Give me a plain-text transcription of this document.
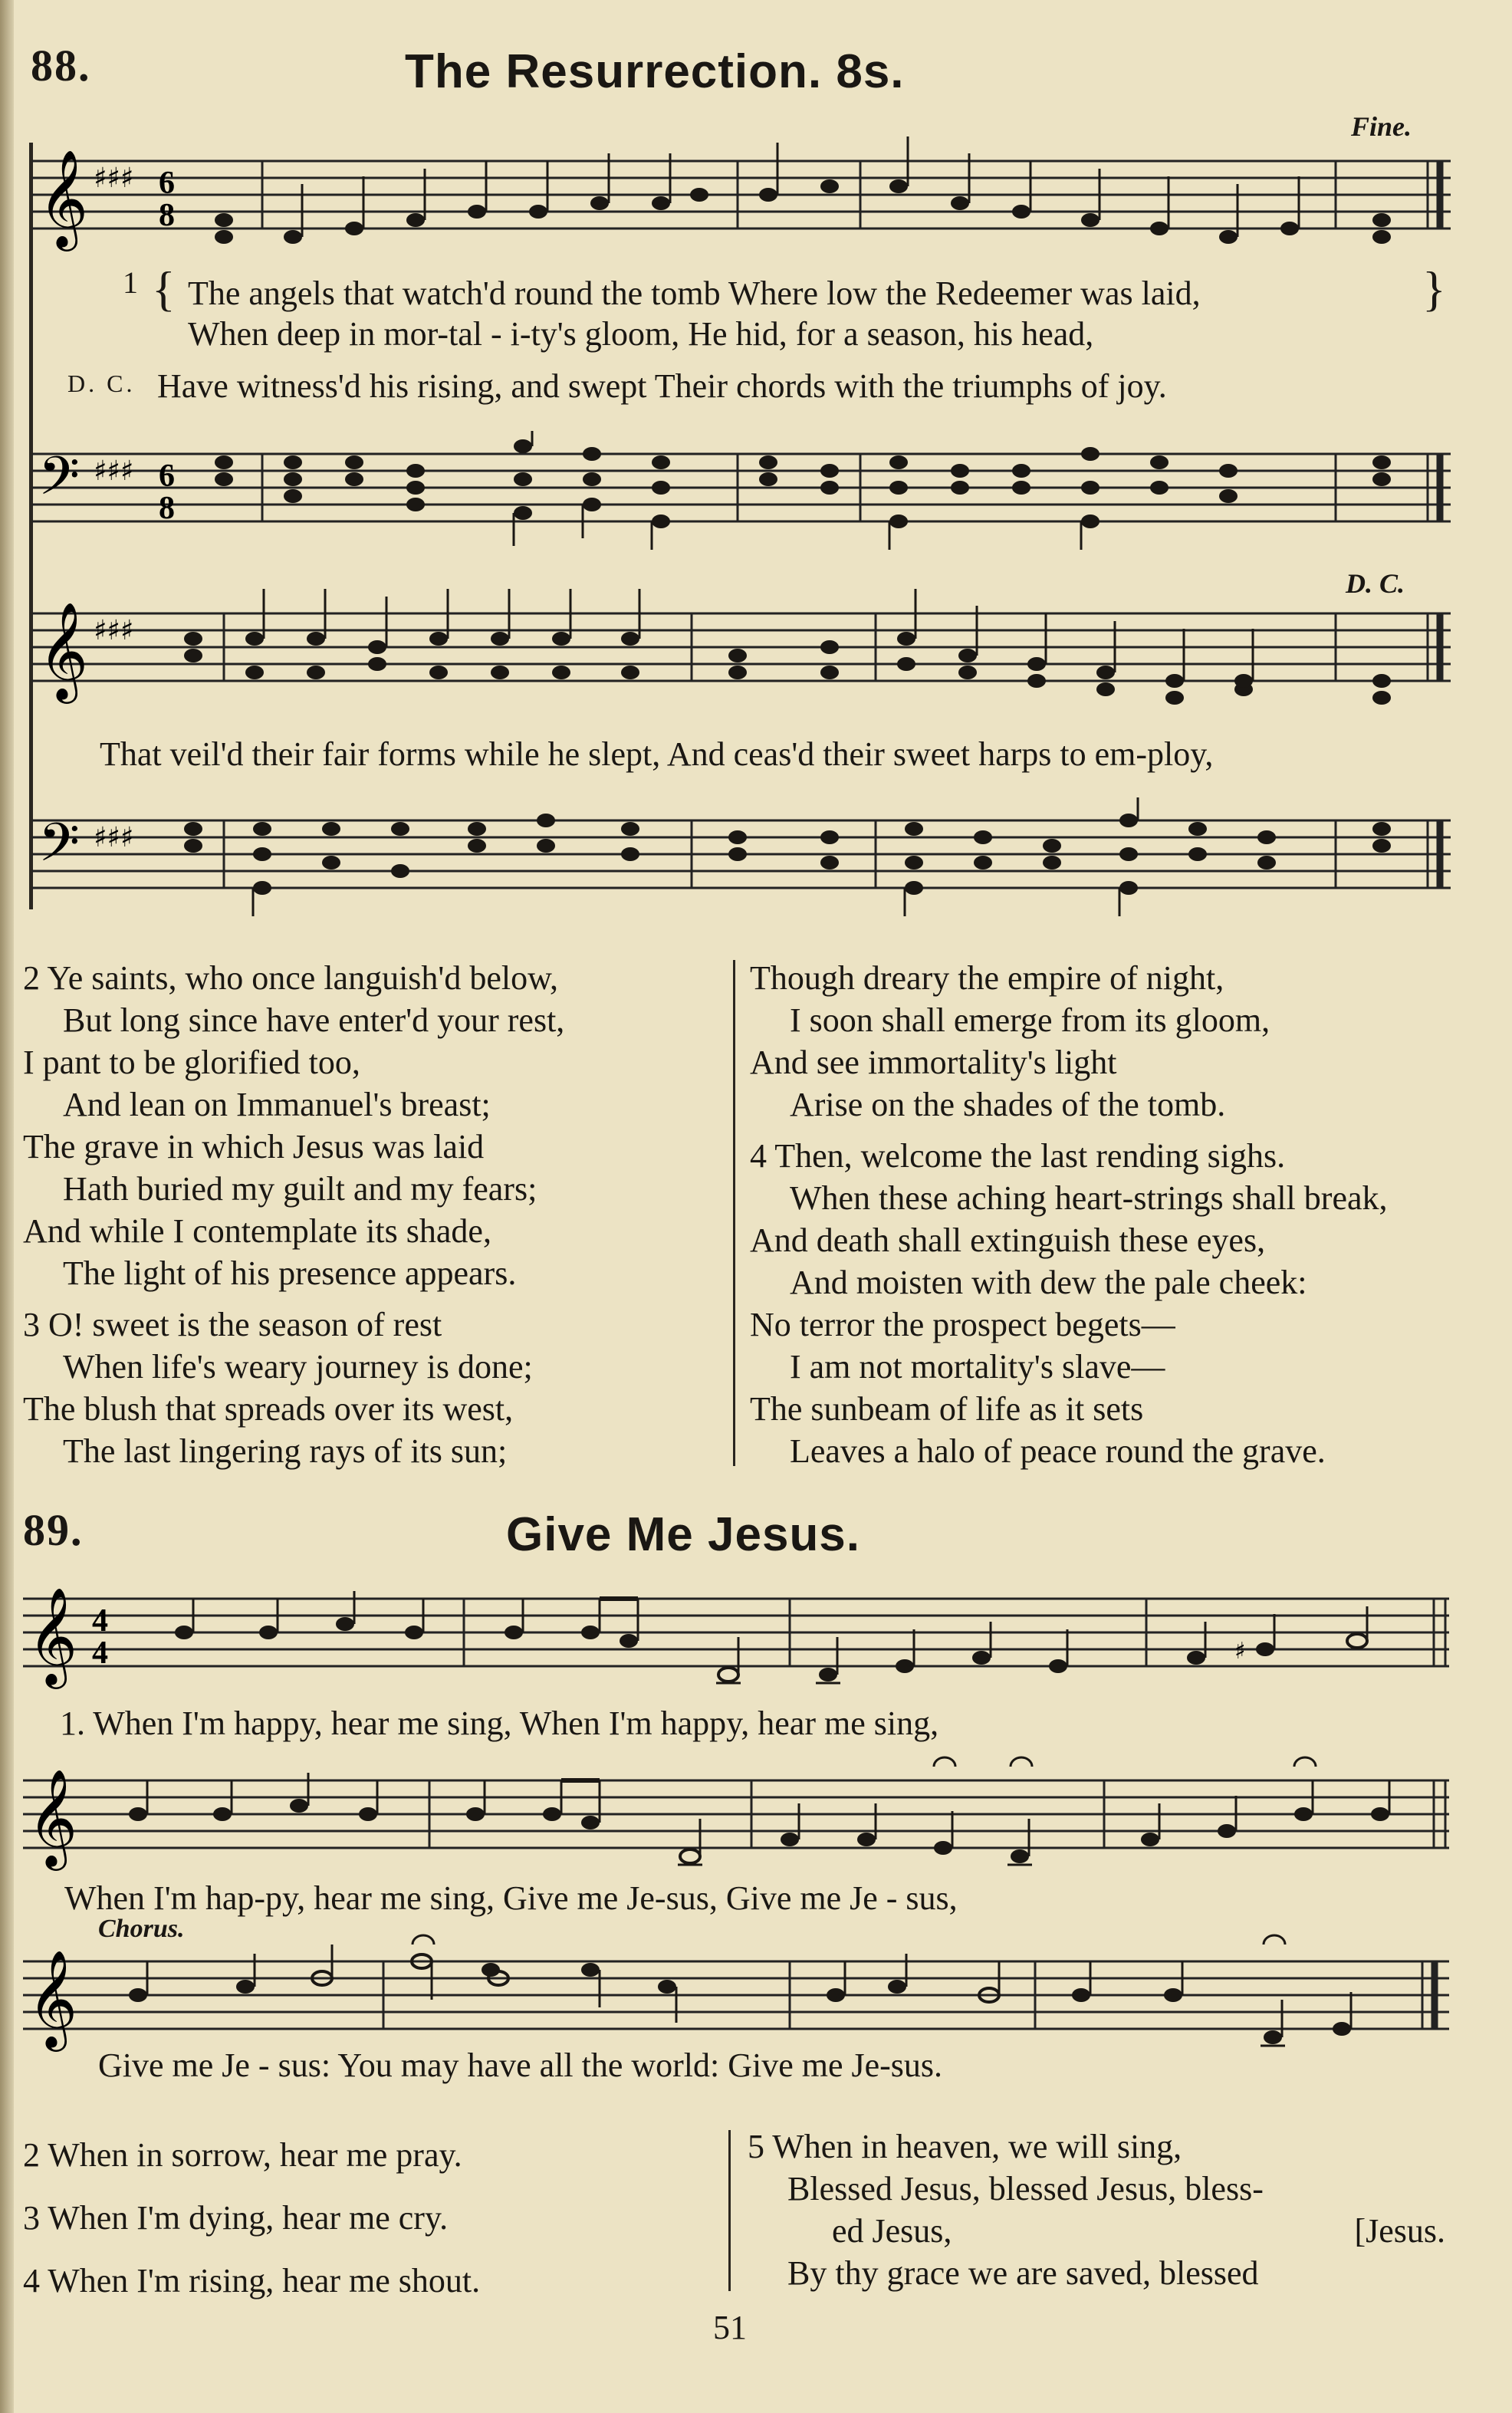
88.	The Resurrection. 8s.
Fine.
𝄞 ♯♯♯ 6
8
1 { The angels that watch'd round the tomb Where low the Redeemer was laid,
When deep in mor-tal - i-ty's gloom, He hid, for a season, his head,
}
D. C. Have witness'd his rising, and swept Their chords with the triumphs of joy.
𝄢 ♯♯♯ 6
8
D. C.
𝄞 ♯♯♯
That veil'd their fair forms while he slept, And ceas'd their sweet harps to em-ploy,
𝄢 ♯♯♯
2 Ye saints, who once languish'd below,
But long since have enter'd your rest,
I pant to be glorified too,
And lean on Immanuel's breast;
The grave in which Jesus was laid
Hath buried my guilt and my fears;
And while I contemplate its shade,
The light of his presence appears.
3 O! sweet is the season of rest
When life's weary journey is done;
The blush that spreads over its west,
The last lingering rays of its sun;
Though dreary the empire of night,
I soon shall emerge from its gloom,
And see immortality's light
Arise on the shades of the tomb.
4 Then, welcome the last rending sighs.
When these aching heart-strings shall break,
And death shall extinguish these eyes,
And moisten with dew the pale cheek:
No terror the prospect begets—
I am not mortality's slave—
The sunbeam of life as it sets
Leaves a halo of peace round the grave.
89.	Give Me Jesus.
𝄞 4
4	♯
1. When I'm happy, hear me sing, When I'm happy, hear me sing,
𝄞
When I'm hap-py, hear me sing, Give me Je-sus, Give me Je - sus,
Chorus.
𝄞
Give me Je - sus: You may have all the world: Give me Je-sus.
2 When in sorrow, hear me pray.
3 When I'm dying, hear me cry.
4 When I'm rising, hear me shout.
5 When in heaven, we will sing,
Blessed Jesus, blessed Jesus, bless-
ed Jesus,	[Jesus.
By thy grace we are saved, blessed
51
